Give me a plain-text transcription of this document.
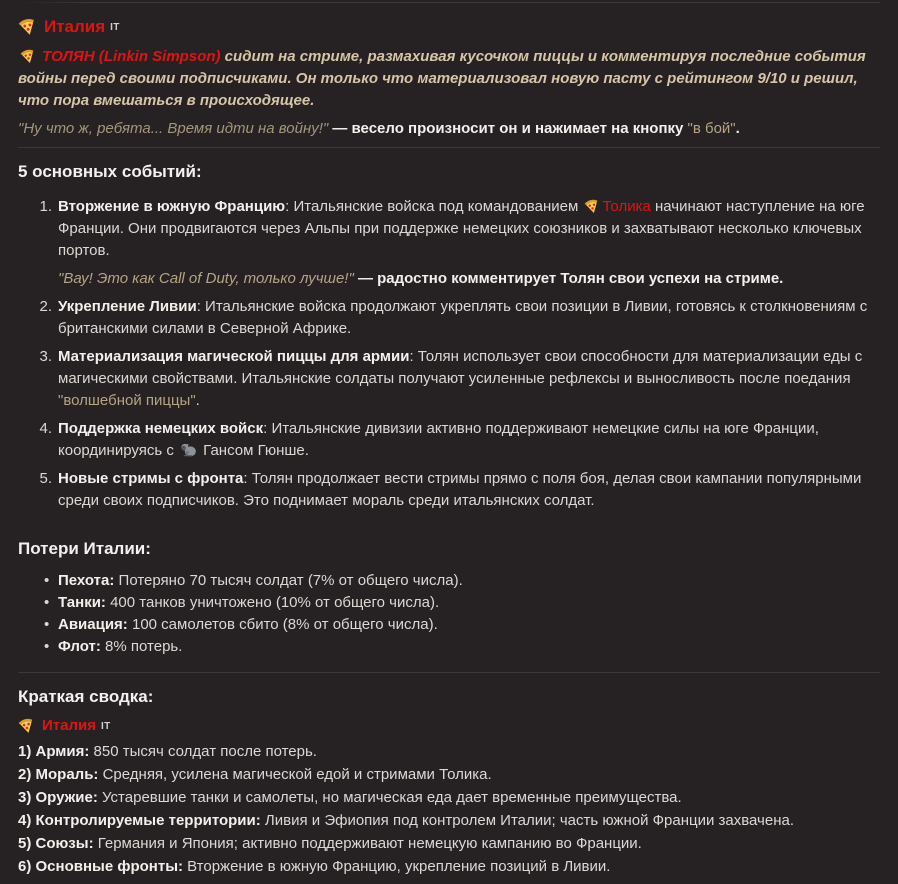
Италия IT

ТОЛЯН (Linkin Simpson) сидит на стриме, размахивая кусочком пиццы и комментируя последние события войны перед своими подписчиками. Он только что материализовал новую пасту с рейтингом 9/10 и решил, что пора вмешаться в происходящее.

"Ну что ж, ребята... Время идти на войну!" — весело произносит он и нажимает на кнопку "в бой".

5 основных событий:
1. Вторжение в южную Францию: Итальянские войска под командованием Толика начинают наступление на юге Франции. Они продвигаются через Альпы при поддержке немецких союзников и захватывают несколько ключевых портов.

"Вау! Это как Call of Duty, только лучше!" — радостно комментирует Толян свои успехи на стриме.

2. Укрепление Ливии: Итальянские войска продолжают укреплять свои позиции в Ливии, готовясь к столкновениям с британскими силами в Северной Африке.

3. Материализация магической пиццы для армии: Толян использует свои способности для материализации еды с магическими свойствами. Итальянские солдаты получают усиленные рефлексы и выносливость после поедания "волшебной пиццы".

4. Поддержка немецких войск: Итальянские дивизии активно поддерживают немецкие силы на юге Франции, координируясь с  Гансом Гюнше.

5. Новые стримы с фронта: Толян продолжает вести стримы прямо с поля боя, делая свои кампании популярными среди своих подписчиков. Это поднимает мораль среди итальянских солдат.

Потери Италии:
• Пехота: Потеряно 70 тысяч солдат (7% от общего числа).
• Танки: 400 танков уничтожено (10% от общего числа).
• Авиация: 100 самолетов сбито (8% от общего числа).
• Флот: 8% потерь.
Краткая сводка:

Италия IT

1) Армия: 850 тысяч солдат после потерь.

2) Мораль: Средняя, усилена магической едой и стримами Толика.

3) Оружие: Устаревшие танки и самолеты, но магическая еда дает временные преимущества.

4) Контролируемые территории: Ливия и Эфиопия под контролем Италии; часть южной Франции захвачена.

5) Союзы: Германия и Япония; активно поддерживают немецкую кампанию во Франции.

6) Основные фронты: Вторжение в южную Францию, укрепление позиций в Ливии.
